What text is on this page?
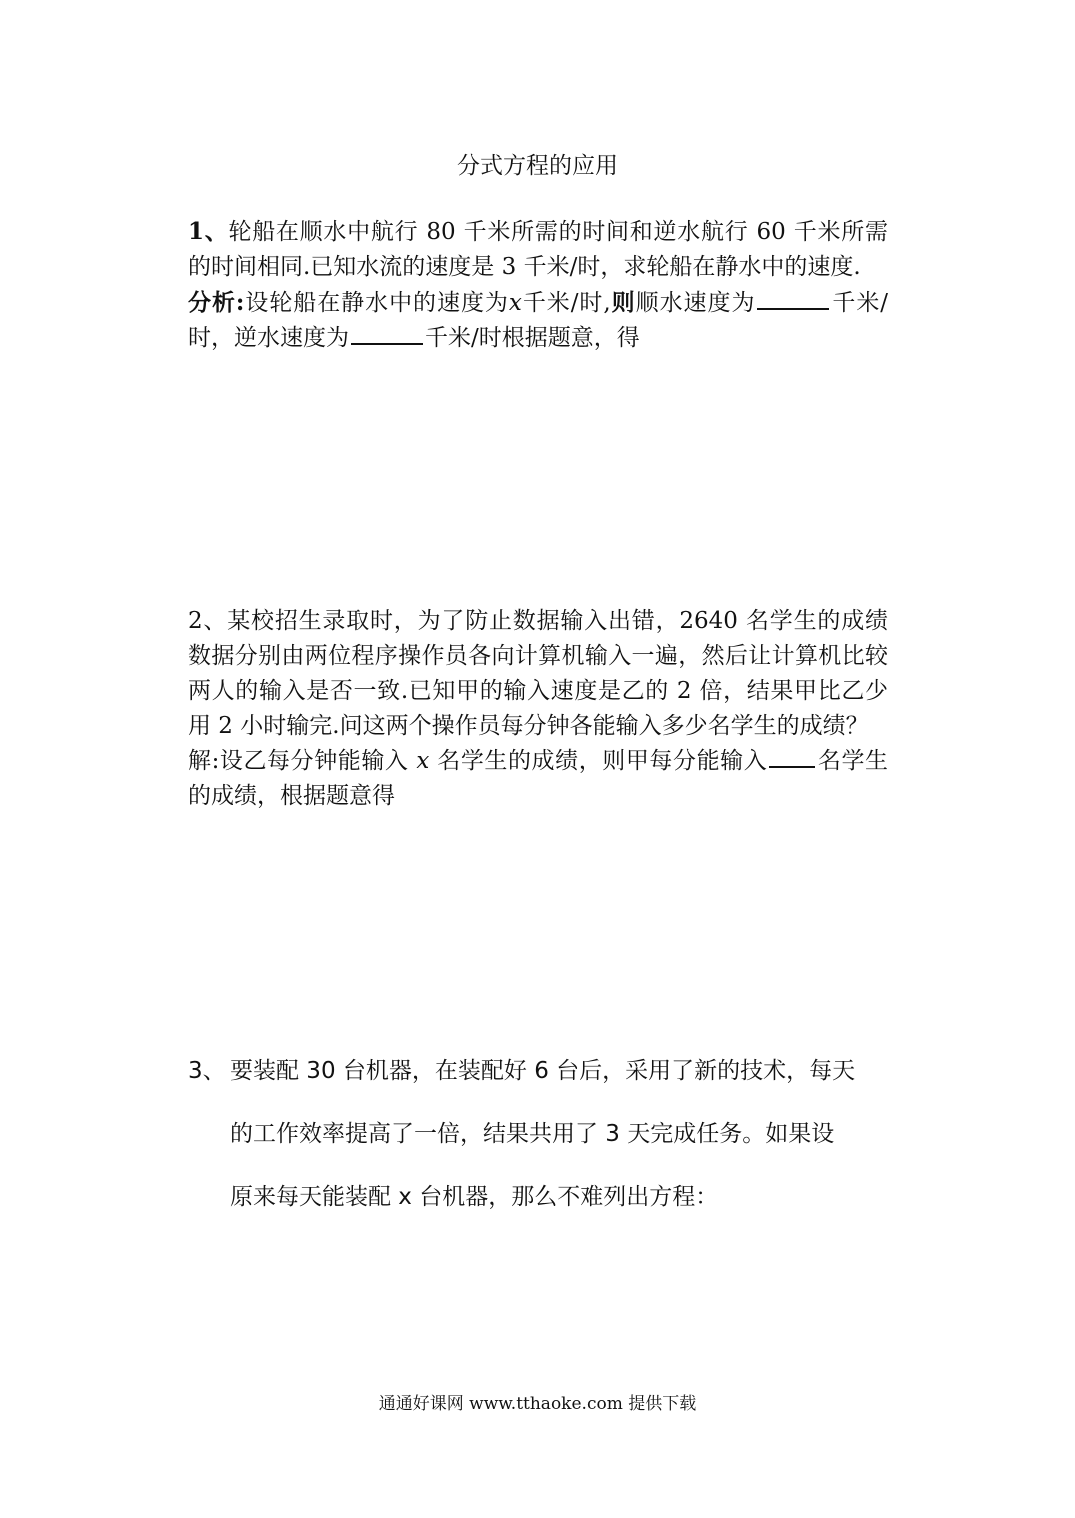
分式方程的应用
1、轮船在顺水中航行 80 千米所需的时间和逆水航行 60 千米所需的时间相同.已知水流的速度是 3 千米/时，求轮船在静水中的速度.
分析:设轮船在静水中的速度为x千米/时,则顺水速度为	千米/时，逆水速度为	千米/时根据题意，得
2、某校招生录取时，为了防止数据输入出错，2640 名学生的成绩数据分别由两位程序操作员各向计算机输入一遍，然后让计算机比较两人的输入是否一致.已知甲的输入速度是乙的 2 倍，结果甲比乙少用 2 小时输完.问这两个操作员每分钟各能输入多少名学生的成绩？
解:设乙每分钟能输入 x 名学生的成绩，则甲每分能输入 名学生的成绩，根据题意得
3、 要装配 30 台机器，在装配好 6 台后，采用了新的技术，每天
的工作效率提高了一倍，结果共用了 3 天完成任务。如果设
原来每天能装配 x 台机器，那么不难列出方程：
通通好课网 www.tthaoke.com 提供下载
